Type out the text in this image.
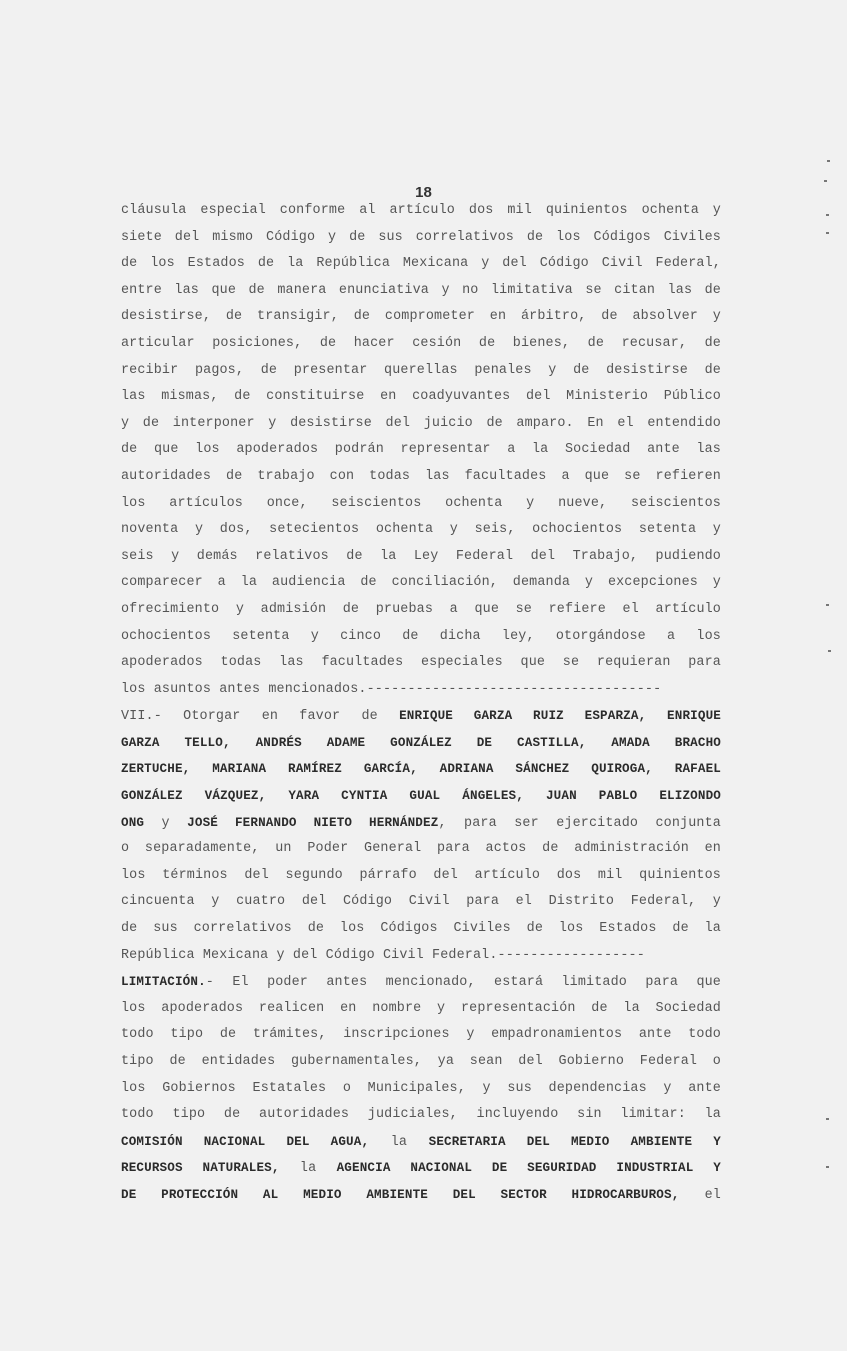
18
cláusula especial conforme al artículo dos mil quinientos ochenta y
siete del mismo Código y de sus correlativos de los Códigos Civiles
de los Estados de la República Mexicana y del Código Civil Federal,
entre las que de manera enunciativa y no limitativa se citan las de
desistirse, de transigir, de comprometer en árbitro, de absolver y
articular posiciones, de hacer cesión de bienes, de recusar, de
recibir pagos, de presentar querellas penales y de desistirse de
las mismas, de constituirse en coadyuvantes del Ministerio Público
y de interponer y desistirse del juicio de amparo. En el entendido
de que los apoderados podrán representar a la Sociedad ante las
autoridades de trabajo con todas las facultades a que se refieren
los artículos once, seiscientos ochenta y nueve, seiscientos
noventa y dos, setecientos ochenta y seis, ochocientos setenta y
seis y demás relativos de la Ley Federal del Trabajo, pudiendo
comparecer a la audiencia de conciliación, demanda y excepciones y
ofrecimiento y admisión de pruebas a que se refiere el artículo
ochocientos setenta y cinco de dicha ley, otorgándose a los
apoderados todas las facultades especiales que se requieran para
los asuntos antes mencionados.------------------------------------
VII.- Otorgar en favor de ENRIQUE GARZA RUIZ ESPARZA, ENRIQUE
GARZA TELLO, ANDRÉS ADAME GONZÁLEZ DE CASTILLA, AMADA BRACHO
ZERTUCHE, MARIANA RAMÍREZ GARCÍA, ADRIANA SÁNCHEZ QUIROGA, RAFAEL
GONZÁLEZ VÁZQUEZ, YARA CYNTIA GUAL ÁNGELES, JUAN PABLO ELIZONDO
ONG y JOSÉ FERNANDO NIETO HERNÁNDEZ, para ser ejercitado conjunta
o separadamente, un Poder General para actos de administración en
los términos del segundo párrafo del artículo dos mil quinientos
cincuenta y cuatro del Código Civil para el Distrito Federal, y
de sus correlativos de los Códigos Civiles de los Estados de la
República Mexicana y del Código Civil Federal.------------------
LIMITACIÓN.- El poder antes mencionado, estará limitado para que
los apoderados realicen en nombre y representación de la Sociedad
todo tipo de trámites, inscripciones y empadronamientos ante todo
tipo de entidades gubernamentales, ya sean del Gobierno Federal o
los Gobiernos Estatales o Municipales, y sus dependencias y ante
todo tipo de autoridades judiciales, incluyendo sin limitar: la
COMISIÓN NACIONAL DEL AGUA, la SECRETARIA DEL MEDIO AMBIENTE Y
RECURSOS NATURALES, la AGENCIA NACIONAL DE SEGURIDAD INDUSTRIAL Y
DE PROTECCIÓN AL MEDIO AMBIENTE DEL SECTOR HIDROCARBUROS, el
